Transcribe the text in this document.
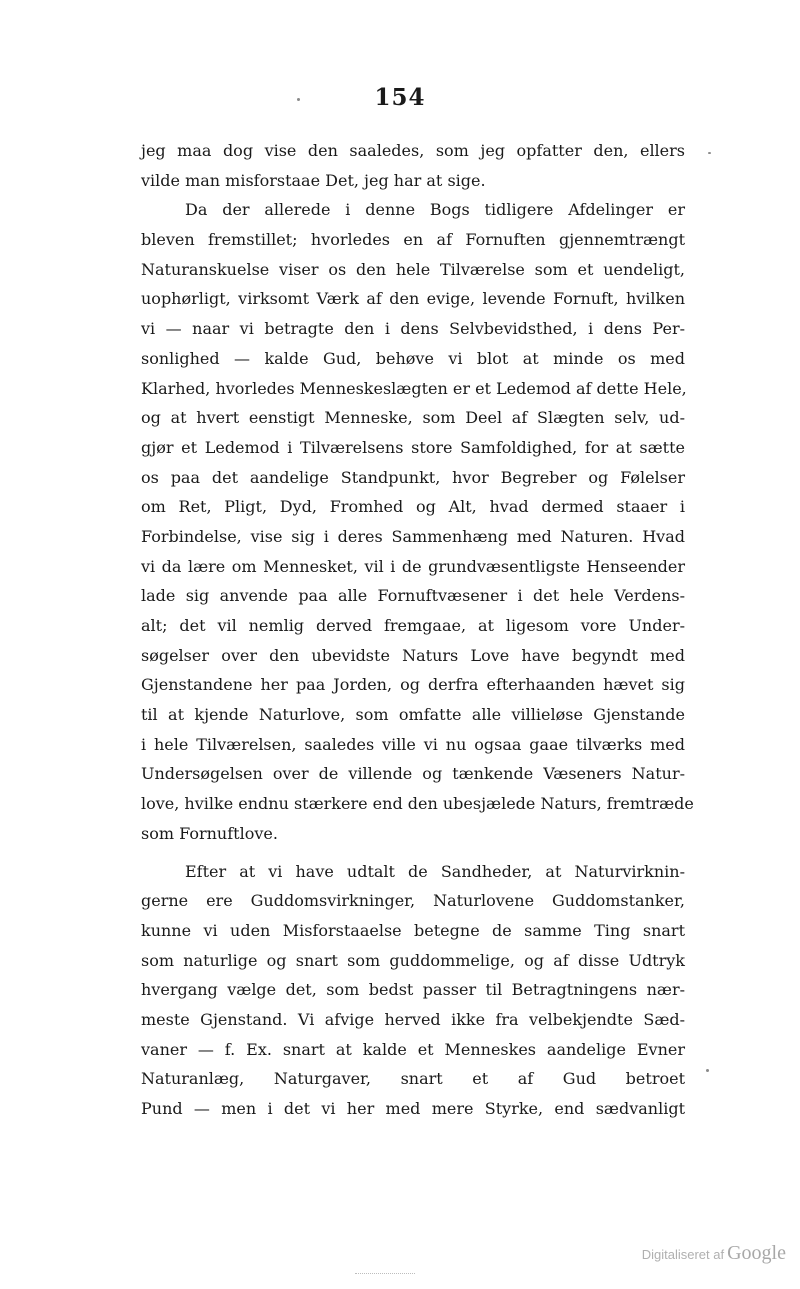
154
jeg maa dog vise den saaledes, som jeg opfatter den, ellers
vilde man misforstaae Det, jeg har at sige.
Da der allerede i denne Bogs tidligere Afdelinger er
bleven fremstillet; hvorledes en af Fornuften gjennemtrængt
Naturanskuelse viser os den hele Tilværelse som et uendeligt,
uophørligt, virksomt Værk af den evige, levende Fornuft, hvilken
vi — naar vi betragte den i dens Selvbevidsthed, i dens Per-
sonlighed — kalde Gud, behøve vi blot at minde os med
Klarhed, hvorledes Menneskeslægten er et Ledemod af dette Hele,
og at hvert eenstigt Menneske, som Deel af Slægten selv, ud-
gjør et Ledemod i Tilværelsens store Samfoldighed, for at sætte
os paa det aandelige Standpunkt, hvor Begreber og Følelser
om Ret, Pligt, Dyd, Fromhed og Alt, hvad dermed staaer i
Forbindelse, vise sig i deres Sammenhæng med Naturen. Hvad
vi da lære om Mennesket, vil i de grundvæsentligste Henseender
lade sig anvende paa alle Fornuftvæsener i det hele Verdens-
alt; det vil nemlig derved fremgaae, at ligesom vore Under-
søgelser over den ubevidste Naturs Love have begyndt med
Gjenstandene her paa Jorden, og derfra efterhaanden hævet sig
til at kjende Naturlove, som omfatte alle villieløse Gjenstande
i hele Tilværelsen, saaledes ville vi nu ogsaa gaae tilværks med
Undersøgelsen over de villende og tænkende Væseners Natur-
love, hvilke endnu stærkere end den ubesjælede Naturs, fremtræde
som Fornuftlove.
Efter at vi have udtalt de Sandheder, at Naturvirknin-
gerne ere Guddomsvirkninger, Naturlovene Guddomstanker,
kunne vi uden Misforstaaelse betegne de samme Ting snart
som naturlige og snart som guddommelige, og af disse Udtryk
hvergang vælge det, som bedst passer til Betragtningens nær-
meste Gjenstand. Vi afvige herved ikke fra velbekjendte Sæd-
vaner — f. Ex. snart at kalde et Menneskes aandelige Evner
Naturanlæg, Naturgaver, snart et af Gud betroet
Pund — men i det vi her med mere Styrke, end sædvanligt
Digitaliseret af Google
